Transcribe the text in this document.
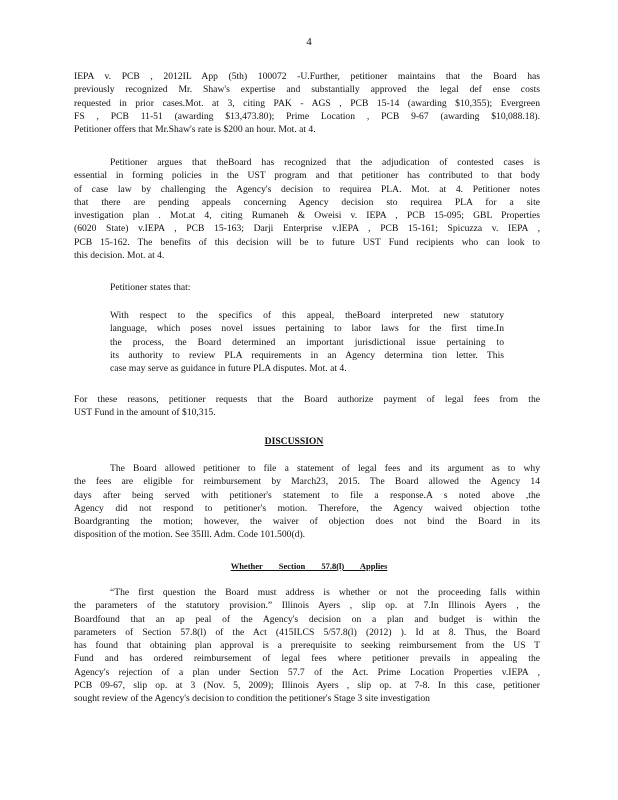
4
IEPA v. PCB , 2012IL App (5th) 100072 -U.Further, petitioner maintains that the Board has
previously recognized Mr. Shaw's expertise and substantially approved the legal def ense costs
requested in prior cases.Mot. at 3, citing PAK - AGS , PCB 15-14 (awarding $10,355); Evergreen
FS , PCB 11-51 (awarding $13,473.80); Prime Location , PCB 9-67 (awarding $10,088.18).
Petitioner offers that Mr.Shaw's rate is $200 an hour. Mot. at 4.
Petitioner argues that theBoard has recognized that the adjudication of contested cases is
essential in forming policies in the UST program and that petitioner has contributed to that body
of case law by challenging the Agency's decision to requirea PLA. Mot. at 4. Petitioner notes
that there are pending appeals concerning Agency decision sto requirea PLA for a site
investigation plan . Mot.at 4, citing Rumaneh & Oweisi v. IEPA , PCB 15-095; GBL Properties
(6020 State) v.IEPA , PCB 15-163; Darji Enterprise v.IEPA , PCB 15-161; Spicuzza v. IEPA ,
PCB 15-162. The benefits of this decision will be to future UST Fund recipients who can look to
this decision. Mot. at 4.
Petitioner states that:
With respect to the specifics of this appeal, theBoard interpreted new statutory
language, which poses novel issues pertaining to labor laws for the first time.In
the process, the Board determined an important jurisdictional issue pertaining to
its authority to review PLA requirements in an Agency determina tion letter. This
case may serve as guidance in future PLA disputes. Mot. at 4.
For these reasons, petitioner requests that the Board authorize payment of legal fees from the
UST Fund in the amount of $10,315.
DISCUSSION
The Board allowed petitioner to file a statement of legal fees and its argument as to why
the fees are eligible for reimbursement by March23, 2015. The Board allowed the Agency 14
days after being served with petitioner's statement to file a response.A s noted above ,the
Agency did not respond to petitioner's motion. Therefore, the Agency waived objection tothe
Boardgranting the motion; however, the waiver of objection does not bind the Board in its
disposition of the motion. See 35Ill. Adm. Code 101.500(d).
Whether Section 57.8(l) Applies
“The first question the Board must address is whether or not the proceeding falls within
the parameters of the statutory provision.” Illinois Ayers , slip op. at 7.In Illinois Ayers , the
Boardfound that an ap peal of the Agency's decision on a plan and budget is within the
parameters of Section 57.8(l) of the Act (415ILCS 5/57.8(l) (2012) ). Id at 8. Thus, the Board
has found that obtaining plan approval is a prerequisite to seeking reimbursement from the US T
Fund and has ordered reimbursement of legal fees where petitioner prevails in appealing the
Agency's rejection of a plan under Section 57.7 of the Act. Prime Location Properties v.IEPA ,
PCB 09-67, slip op. at 3 (Nov. 5, 2009); Illinois Ayers , slip op. at 7-8. In this case, petitioner
sought review of the Agency's decision to condition the petitioner's Stage 3 site investigation
